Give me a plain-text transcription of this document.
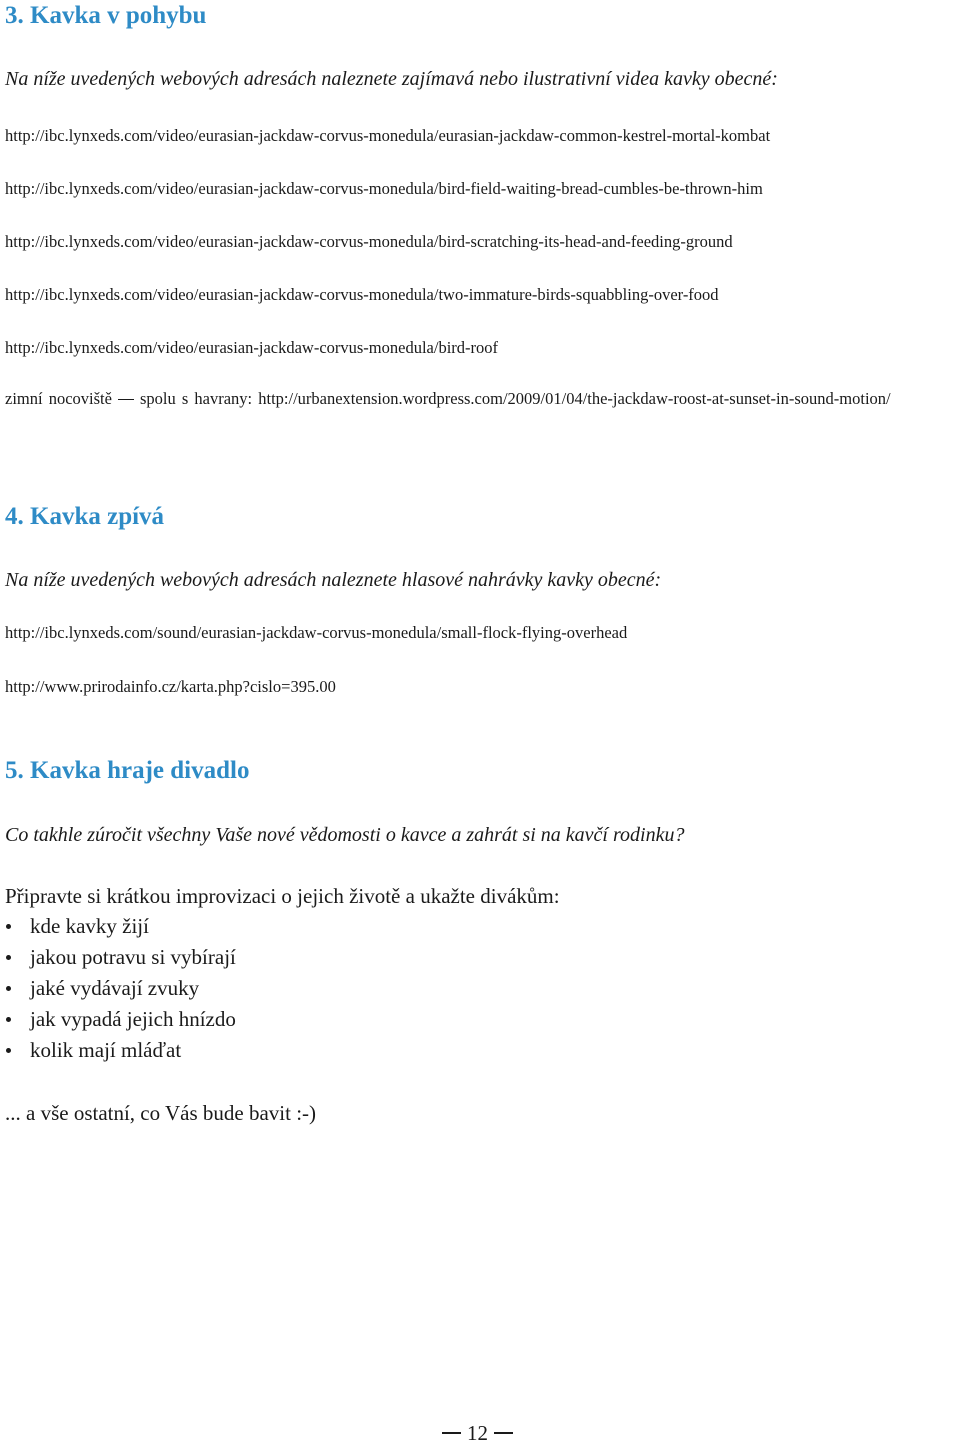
3. Kavka v pohybu

Na níže uvedených webových adresách naleznete zajímavá nebo ilustrativní videa kavky obecné:

http://ibc.lynxeds.com/video/eurasian-jackdaw-corvus-monedula/eurasian-jackdaw-common-kestrel-mortal-kombat
http://ibc.lynxeds.com/video/eurasian-jackdaw-corvus-monedula/bird-field-waiting-bread-cumbles-be-thrown-him
http://ibc.lynxeds.com/video/eurasian-jackdaw-corvus-monedula/bird-scratching-its-head-and-feeding-ground
http://ibc.lynxeds.com/video/eurasian-jackdaw-corvus-monedula/two-immature-birds-squabbling-over-food
http://ibc.lynxeds.com/video/eurasian-jackdaw-corvus-monedula/bird-roof

zimní nocoviště spolu s havrany: http://urbanextension.wordpress.com/2009/01/04/the-jackdaw-roost-at-sunset-in-sound-motion/

4. Kavka zpívá

Na níže uvedených webových adresách naleznete hlasové nahrávky kavky obecné:

http://ibc.lynxeds.com/sound/eurasian-jackdaw-corvus-monedula/small-flock-flying-overhead
http://www.prirodainfo.cz/karta.php?cislo=395.00
5. Kavka hraje divadlo

Co takhle zúročit všechny Vaše nové vědomosti o kavce a zahrát si na kavčí rodinku?

Připravte si krátkou improvizaci o jejich životě a ukažte divákům:

kde kavky žijí
jakou potravu si vybírají
jaké vydávají zvuky
jak vypadá jejich hnízdo
kolik mají mláďat

... a vše ostatní, co Vás bude bavit :-)

12
